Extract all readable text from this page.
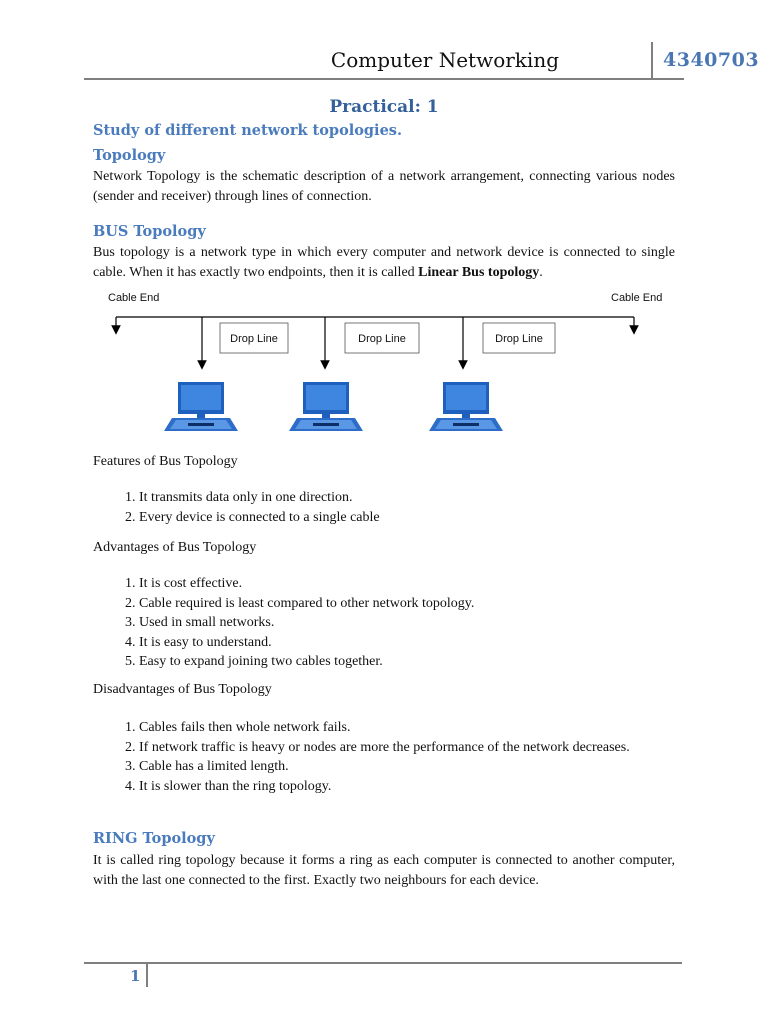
Computer Networking	4340703
Practical: 1
Study of different network topologies.
Topology
Network Topology is the schematic description of a network arrangement, connecting various nodes (sender and receiver) through lines of connection.
BUS Topology
Bus topology is a network type in which every computer and network device is connected to single cable. When it has exactly two endpoints, then it is called Linear Bus topology.
Cable End	Cable End
Drop Line	Drop Line	Drop Line
Features of Bus Topology
1. It transmits data only in one direction.
2. Every device is connected to a single cable
Advantages of Bus Topology
1. It is cost effective.
2. Cable required is least compared to other network topology.
3. Used in small networks.
4. It is easy to understand.
5. Easy to expand joining two cables together.
Disadvantages of Bus Topology
1. Cables fails then whole network fails.
2. If network traffic is heavy or nodes are more the performance of the network decreases.
3. Cable has a limited length.
4. It is slower than the ring topology.
RING Topology
It is called ring topology because it forms a ring as each computer is connected to another computer, with the last one connected to the first. Exactly two neighbours for each device.
1
